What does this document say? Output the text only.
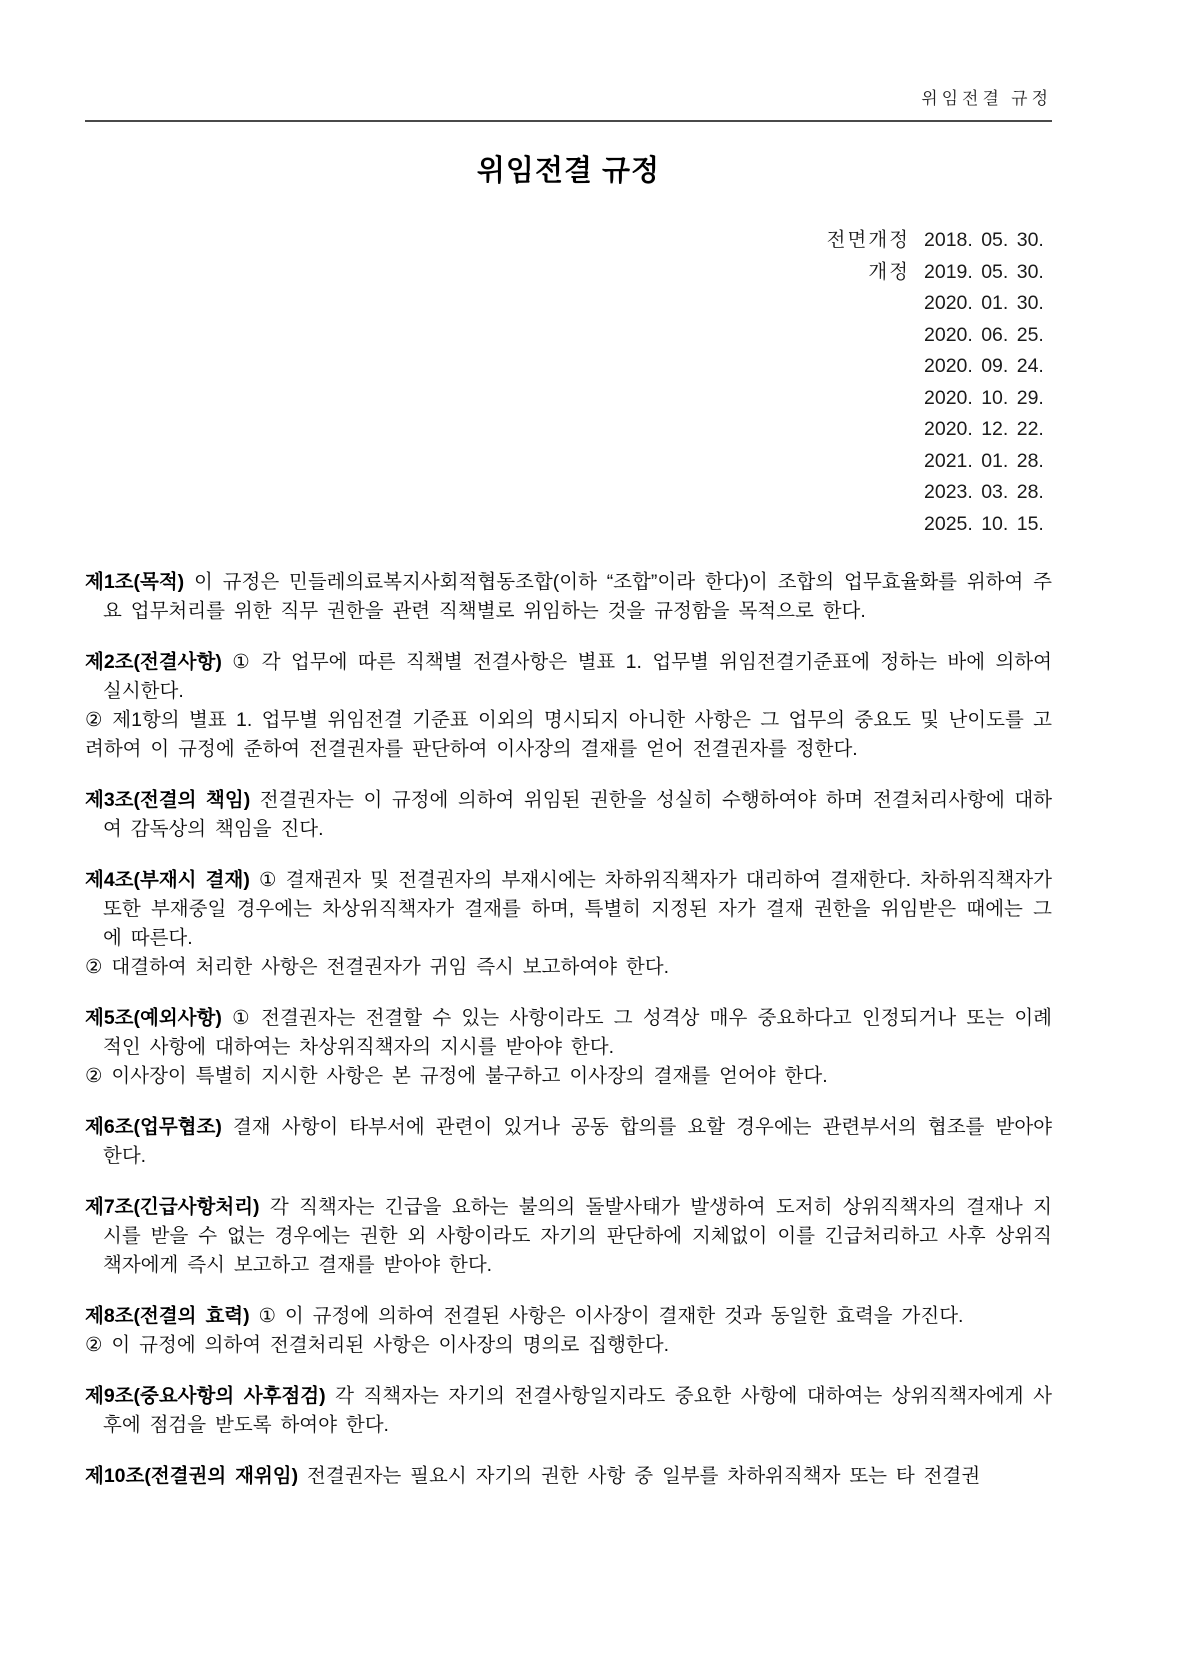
위임전결 규정
위임전결 규정
전면개정 2018. 05. 30.
개정 2019. 05. 30.
2020. 01. 30.
2020. 06. 25.
2020. 09. 24.
2020. 10. 29.
2020. 12. 22.
2021. 01. 28.
2023. 03. 28.
2025. 10. 15.

제1조(목적) 이 규정은 민들레의료복지사회적협동조합(이하 “조합”이라 한다)이 조합의 업무효율화를 위하여 주요 업무처리를 위한 직무 권한을 관련 직책별로 위임하는 것을 규정함을 목적으로 한다.

제2조(전결사항) ① 각 업무에 따른 직책별 전결사항은 별표 1. 업무별 위임전결기준표에 정하는 바에 의하여 실시한다.

② 제1항의 별표 1. 업무별 위임전결 기준표 이외의 명시되지 아니한 사항은 그 업무의 중요도 및 난이도를 고려하여 이 규정에 준하여 전결권자를 판단하여 이사장의 결재를 얻어 전결권자를 정한다.

제3조(전결의 책임) 전결권자는 이 규정에 의하여 위임된 권한을 성실히 수행하여야 하며 전결처리사항에 대하여 감독상의 책임을 진다.

제4조(부재시 결재) ① 결재권자 및 전결권자의 부재시에는 차하위직책자가 대리하여 결재한다. 차하위직책자가 또한 부재중일 경우에는 차상위직책자가 결재를 하며, 특별히 지정된 자가 결재 권한을 위임받은 때에는 그에 따른다.

② 대결하여 처리한 사항은 전결권자가 귀임 즉시 보고하여야 한다.

제5조(예외사항) ① 전결권자는 전결할 수 있는 사항이라도 그 성격상 매우 중요하다고 인정되거나 또는 이례적인 사항에 대하여는 차상위직책자의 지시를 받아야 한다.

② 이사장이 특별히 지시한 사항은 본 규정에 불구하고 이사장의 결재를 얻어야 한다.

제6조(업무협조) 결재 사항이 타부서에 관련이 있거나 공동 합의를 요할 경우에는 관련부서의 협조를 받아야 한다.

제7조(긴급사항처리) 각 직책자는 긴급을 요하는 불의의 돌발사태가 발생하여 도저히 상위직책자의 결재나 지시를 받을 수 없는 경우에는 권한 외 사항이라도 자기의 판단하에 지체없이 이를 긴급처리하고 사후 상위직책자에게 즉시 보고하고 결재를 받아야 한다.

제8조(전결의 효력) ① 이 규정에 의하여 전결된 사항은 이사장이 결재한 것과 동일한 효력을 가진다.

② 이 규정에 의하여 전결처리된 사항은 이사장의 명의로 집행한다.

제9조(중요사항의 사후점검) 각 직책자는 자기의 전결사항일지라도 중요한 사항에 대하여는 상위직책자에게 사후에 점검을 받도록 하여야 한다.

제10조(전결권의 재위임) 전결권자는 필요시 자기의 권한 사항 중 일부를 차하위직책자 또는 타 전결권
